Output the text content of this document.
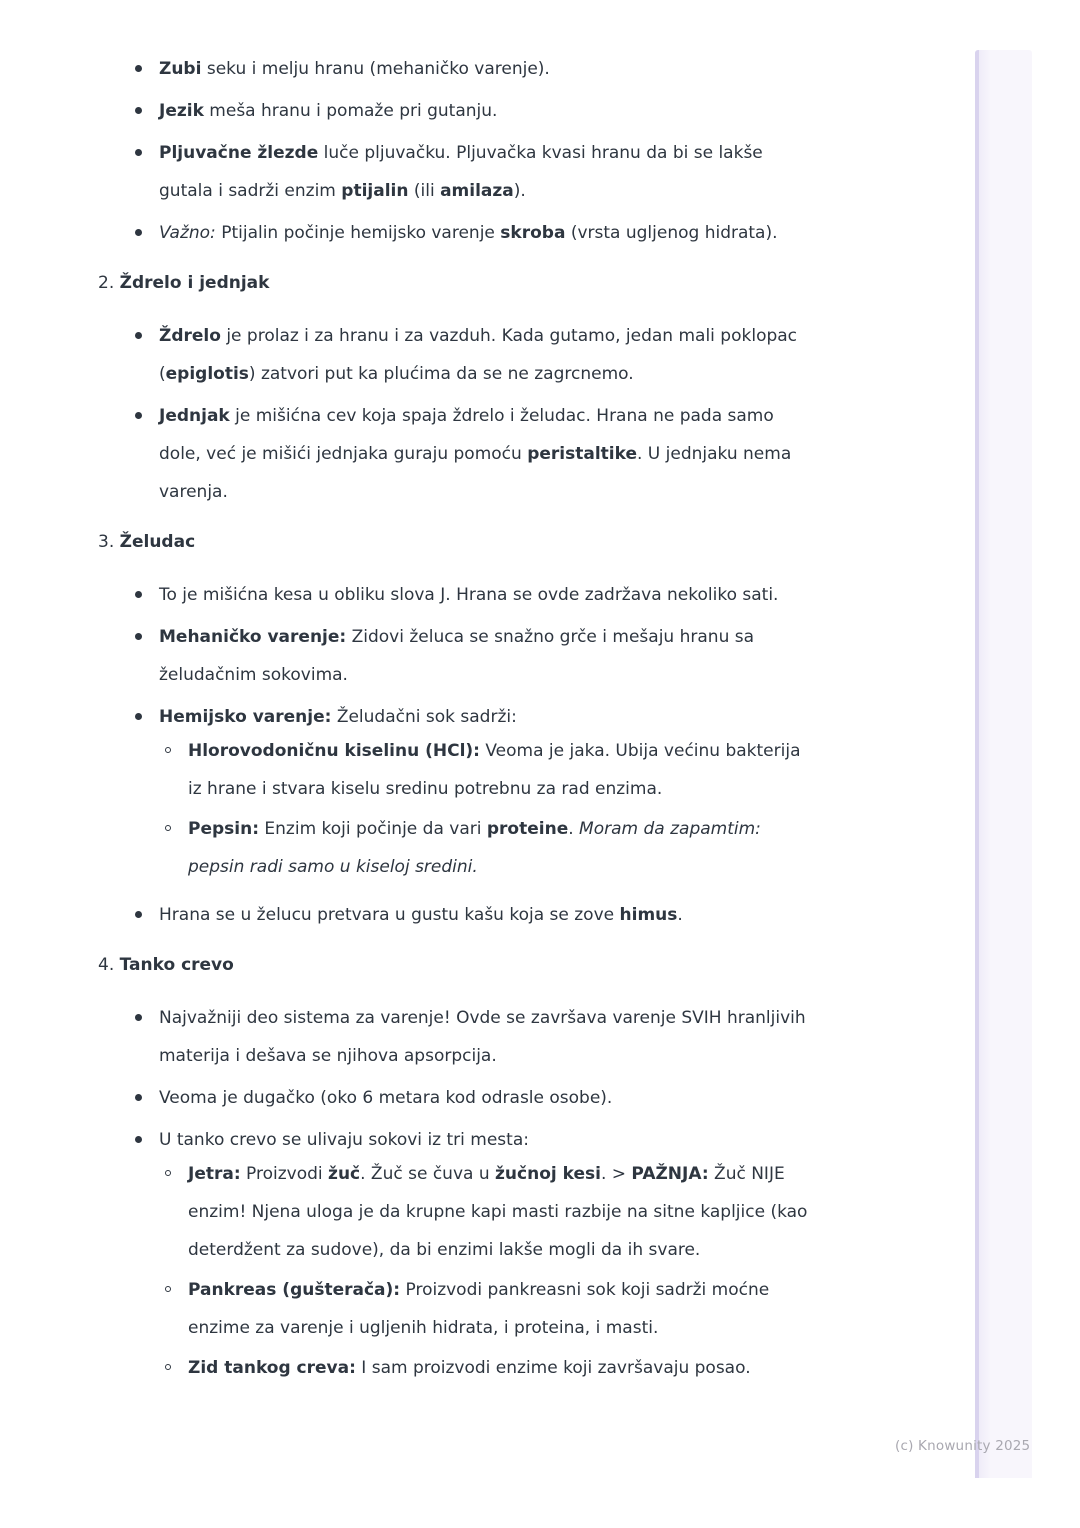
Zubi seku i melju hranu (mehaničko varenje).
Jezik meša hranu i pomaže pri gutanju.
Pljuvačne žlezde luče pljuvačku. Pljuvačka kvasi hranu da bi se lakše gutala i sadrži enzim ptijalin (ili amilaza).
Važno: Ptijalin počinje hemijsko varenje skroba (vrsta ugljenog hidrata).
2. Ždrelo i jednjak
Ždrelo je prolaz i za hranu i za vazduh. Kada gutamo, jedan mali poklopac (epiglotis) zatvori put ka plućima da se ne zagrcnemo.
Jednjak je mišićna cev koja spaja ždrelo i želudac. Hrana ne pada samo dole, već je mišići jednjaka guraju pomoću peristaltike. U jednjaku nema varenja.
3. Želudac
To je mišićna kesa u obliku slova J. Hrana se ovde zadržava nekoliko sati.
Mehaničko varenje: Zidovi želuca se snažno grče i mešaju hranu sa želudačnim sokovima.
Hemijsko varenje: Želudačni sok sadrži:
Hlorovodoničnu kiselinu (HCl): Veoma je jaka. Ubija većinu bakterija iz hrane i stvara kiselu sredinu potrebnu za rad enzima.
Pepsin: Enzim koji počinje da vari proteine. Moram da zapamtim: pepsin radi samo u kiseloj sredini.
Hrana se u želucu pretvara u gustu kašu koja se zove himus.
4. Tanko crevo
Najvažniji deo sistema za varenje! Ovde se završava varenje SVIH hranljivih materija i dešava se njihova apsorpcija.
Veoma je dugačko (oko 6 metara kod odrasle osobe).
U tanko crevo se ulivaju sokovi iz tri mesta:
Jetra: Proizvodi žuč. Žuč se čuva u žučnoj kesi. > PAŽNJA: Žuč NIJE enzim! Njena uloga je da krupne kapi masti razbije na sitne kapljice (kao deterdžent za sudove), da bi enzimi lakše mogli da ih svare.
Pankreas (gušterača): Proizvodi pankreasni sok koji sadrži moćne enzime za varenje i ugljenih hidrata, i proteina, i masti.
Zid tankog creva: I sam proizvodi enzime koji završavaju posao.
(c) Knowunity 2025
